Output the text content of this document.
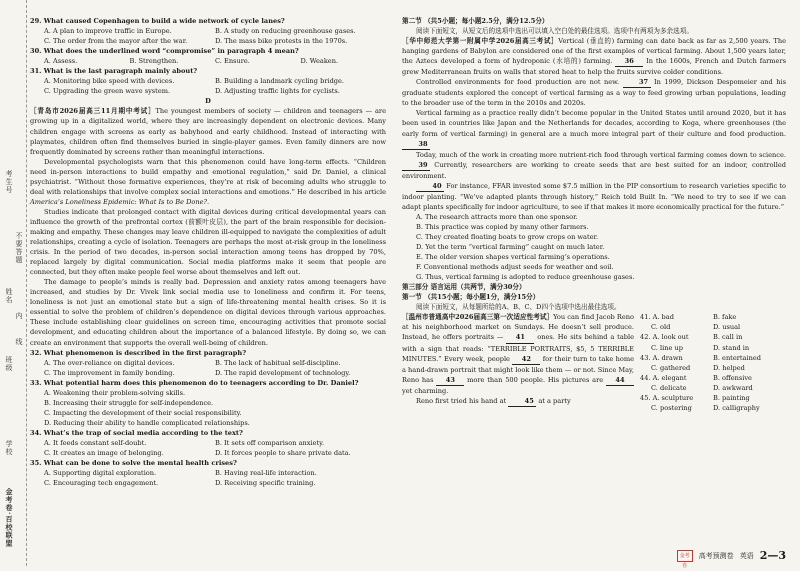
考生号
姓名
不要答题
内
线
班级
学校
金考卷·百校联盟

29. What caused Copenhagen to build a wide network of cycle lanes?

A. A plan to improve traffic in Europe.	B. A study on reducing greenhouse gases.
C. The order from the mayor after the war.	D. The mass bike protests in the 1970s.

30. What does the underlined word “compromise” in paragraph 4 mean?

A. Assess.	B. Strengthen.	C. Ensure.	D. Weaken.

31. What is the last paragraph mainly about?

A. Monitoring bike speed with devices.	B. Building a landmark cycling bridge.
C. Upgrading the green wave system.	D. Adjusting traffic lights for cyclists.

D

［青岛市2026届高三11月期中考试］The youngest members of society — children and teenagers — are growing up in a digitalized world, where they are increasingly dependent on electronic devices. Many children engage with screens as early as babyhood and early childhood. Instead of interacting with playmates, children often find themselves buried in single-player games. Even family dinners are now frequently dominated by screens rather than meaningful interactions.

Developmental psychologists warn that this phenomenon could have long-term effects. “Children need in-person interactions to build empathy and emotional regulation,” said Dr. Daniel, a clinical psychiatrist. “Without those formative experiences, they’re at risk of becoming adults who struggle to deal with relationships that involve complex social interactions and emotions.” He described in his article America’s Loneliness Epidemic: What Is to Be Done?.

Studies indicate that prolonged contact with digital devices during critical developmental years can influence the growth of the prefrontal cortex (前额叶皮层), the part of the brain responsible for decision-making and empathy. These changes may leave children ill-equipped to navigate the complexities of adult relationships, creating a cycle of isolation. Teenagers are perhaps the most at-risk group in the loneliness crisis. In the period of two decades, in-person social interaction among teens has dropped by 70%, replaced largely by digital communication. Social media platforms make it seem that people are connected, but they often make people feel worse about themselves and left out.

The damage to people’s minds is really bad. Depression and anxiety rates among teenagers have increased, and studies by Dr. Vivek link social media use to loneliness and confirm it. For teens, loneliness is not just an emotional state but a sign of life-threatening mental health crises. So it is essential to solve the problem of children’s dependence on digital devices through various approaches. These include establishing clear guidelines on screen time, encouraging activities that promote social development, and educating children about the importance of a balanced lifestyle. By doing so, we can create an environment that supports the overall well-being of children.

32. What phenomenon is described in the first paragraph?

A. The over-reliance on digital devices.	B. The lack of habitual self-discipline.
C. The improvement in family bonding.	D. The rapid development of technology.

33. What potential harm does this phenomenon do to teenagers according to Dr. Daniel?

A. Weakening their problem-solving skills.
B. Increasing their struggle for self-independence.
C. Impacting the development of their social responsibility.
D. Reducing their ability to handle complicated relationships.

34. What’s the trap of social media according to the text?

A. It feeds constant self-doubt.	B. It sets off comparison anxiety.
C. It creates an image of belonging.	D. It forces people to share private data.

35. What can be done to solve the mental health crises?

A. Supporting digital exploration.	B. Having real-life interaction.
C. Encouraging tech engagement.	D. Receiving specific training.

第二节 （共5小题；每小题2.5分，满分12.5分）

阅读下面短文，从短文后的选项中选出可以填入空白处的最佳选项。选项中有两项为多余选项。

［华中师范大学第一附属中学2026届高三考试］Vertical (垂直的) farming can date back as far as 2,500 years. The hanging gardens of Babylon are considered one of the first examples of vertical farming. About 1,500 years later, the Aztecs developed a form of hydroponic (水培的) farming. 36 In the 1600s, French and Dutch farmers grew Mediterranean fruits on walls that stored heat to help the fruits survive colder conditions.

Controlled environments for food production are not new. 37 In 1999, Dickson Despomeier and his graduate students explored the concept of vertical farming as a way to feed growing urban populations, leading to the broader use of the term in the 2010s and 2020s.

Vertical farming as a practice really didn’t become popular in the United States until around 2020, but it has been used in countries like Japan and the Netherlands for decades, according to Koga, where greenhouses (the early form of vertical farming) in general are a much more integral part of their culture and food production. 38

Today, much of the work in creating more nutrient-rich food through vertical farming comes down to science. 39 Currently, researchers are working to create seeds that are best suited for an indoor, controlled environment.

40 For instance, FFAR invested some $7.5 million in the PIP consortium to research varieties specific to indoor planting. “We’ve adapted plants through history,” Reich told Built In. “We need to try to see if we can adapt plants specifically for indoor agriculture, to see if that makes it more economically practical for the future.”

A. The research attracts more than one sponsor.
B. This practice was copied by many other farmers.
C. They created floating boats to grow crops on water.
D. Yet the term “vertical farming” caught on much later.
E. The older version shapes vertical farming’s operations.
F. Conventional methods adjust seeds for weather and soil.
G. Thus, vertical farming is adopted to reduce greenhouse gases.

第三部分 语言运用（共两节，满分30分）

第一节 （共15小题；每小题1分，满分15分）

阅读下面短文，从每题所给的A、B、C、D四个选项中选出最佳选项。

［温州市普通高中2026届高三第一次适应性考试］You can find Jacob Reno at his neighborhood market on Sundays. He doesn’t sell produce. Instead, he offers portraits — 41 ones. He sits behind a table with a sign that reads: “TERRIBLE PORTRAITS, $5, 5 TERRIBLE MINUTES.” Every week, people 42 for their turn to take home a hand-drawn portrait that might look like them — or not. Since May, Reno has 43 more than 500 people. His pictures are 44 yet charming.

Reno first tried his hand at 45 at a party

41. A. bad	B. fake
C. old	D. usual
42. A. look out	B. call in
C. line up	D. stand in
43. A. drawn	B. entertained
C. gathered	D. helped
44. A. elegant	B. offensive
C. delicate	D. awkward
45. A. sculpture	B. painting
C. postering	D. calligraphy
金考卷
高考预测卷 英语 2—3
